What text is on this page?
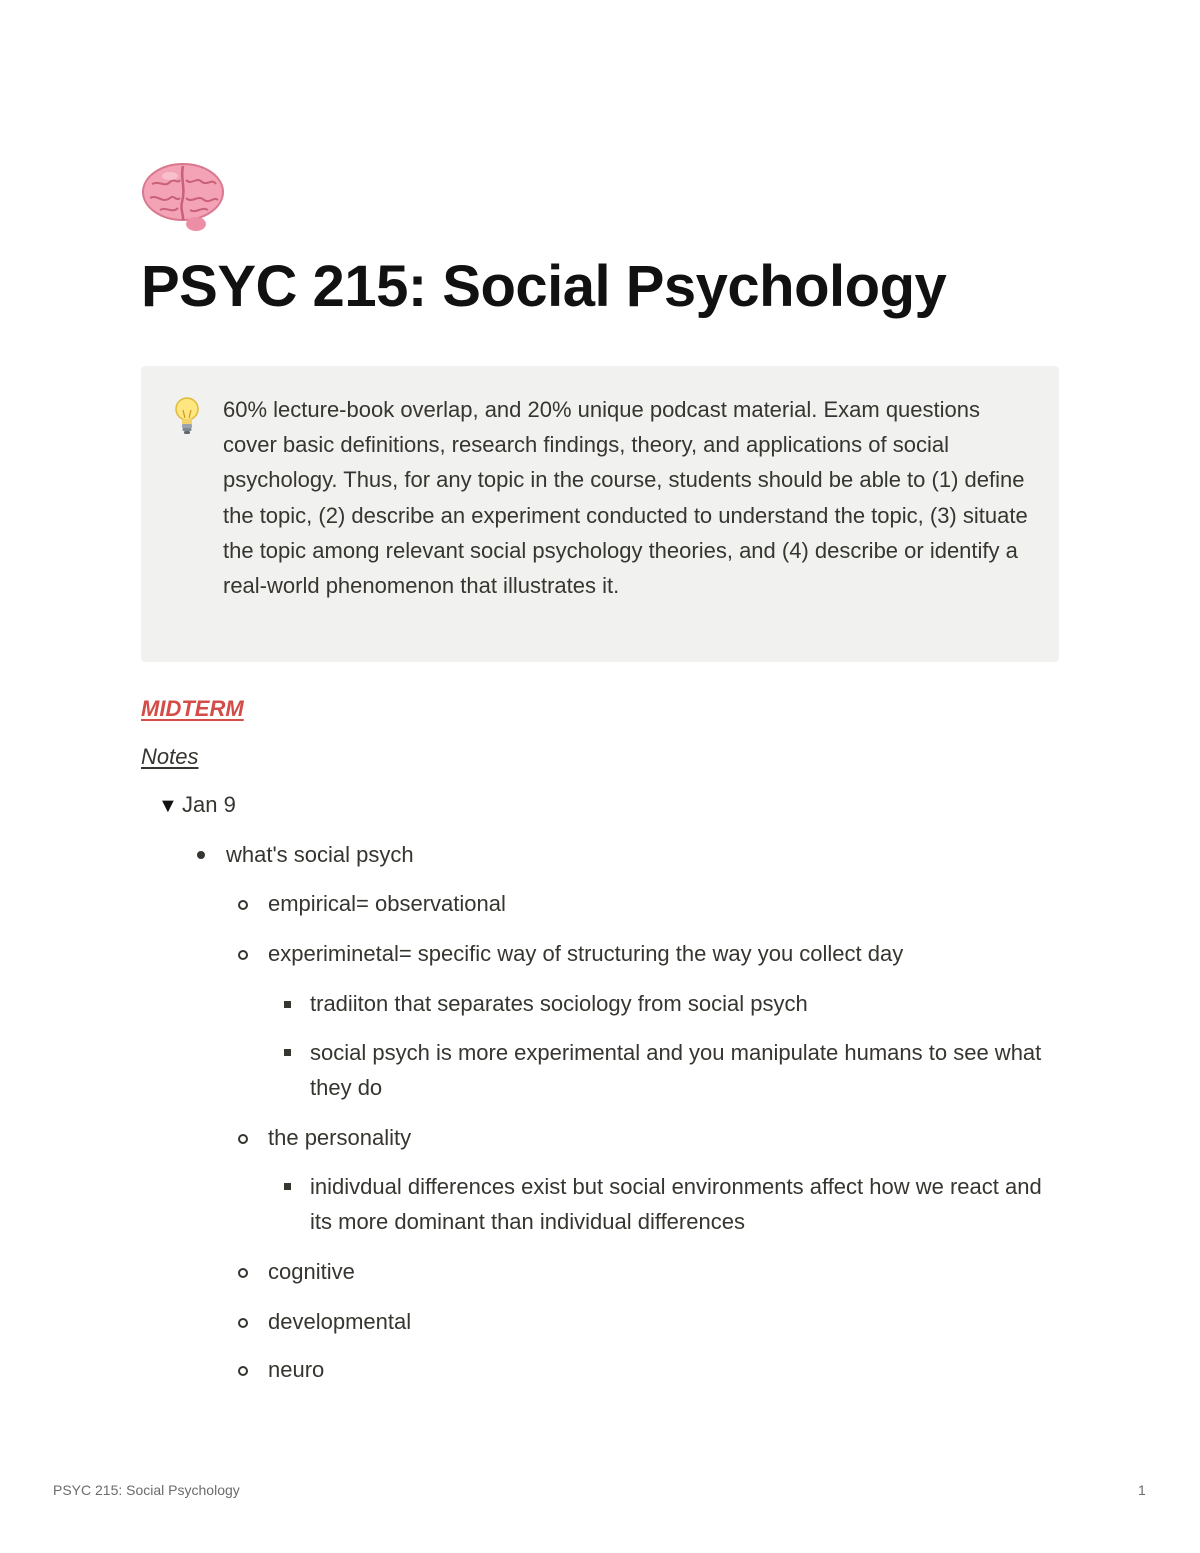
PSYC 215: Social Psychology
60% lecture-book overlap, and 20% unique podcast material. Exam questions cover basic definitions, research findings, theory, and applications of social psychology. Thus, for any topic in the course, students should be able to (1) define the topic, (2) describe an experiment conducted to understand the topic, (3) situate the topic among relevant social psychology theories, and (4) describe or identify a real-world phenomenon that illustrates it.
MIDTERM
Notes
▼ Jan 9
what's social psych
empirical= observational
experiminetal= specific way of structuring the way you collect day
tradiiton that separates sociology from social psych
social psych is more experimental and you manipulate humans to see what they do
the personality
inidivdual differences exist but social environments affect how we react and its more dominant than individual differences
cognitive
developmental
neuro
PSYC 215: Social Psychology	1
